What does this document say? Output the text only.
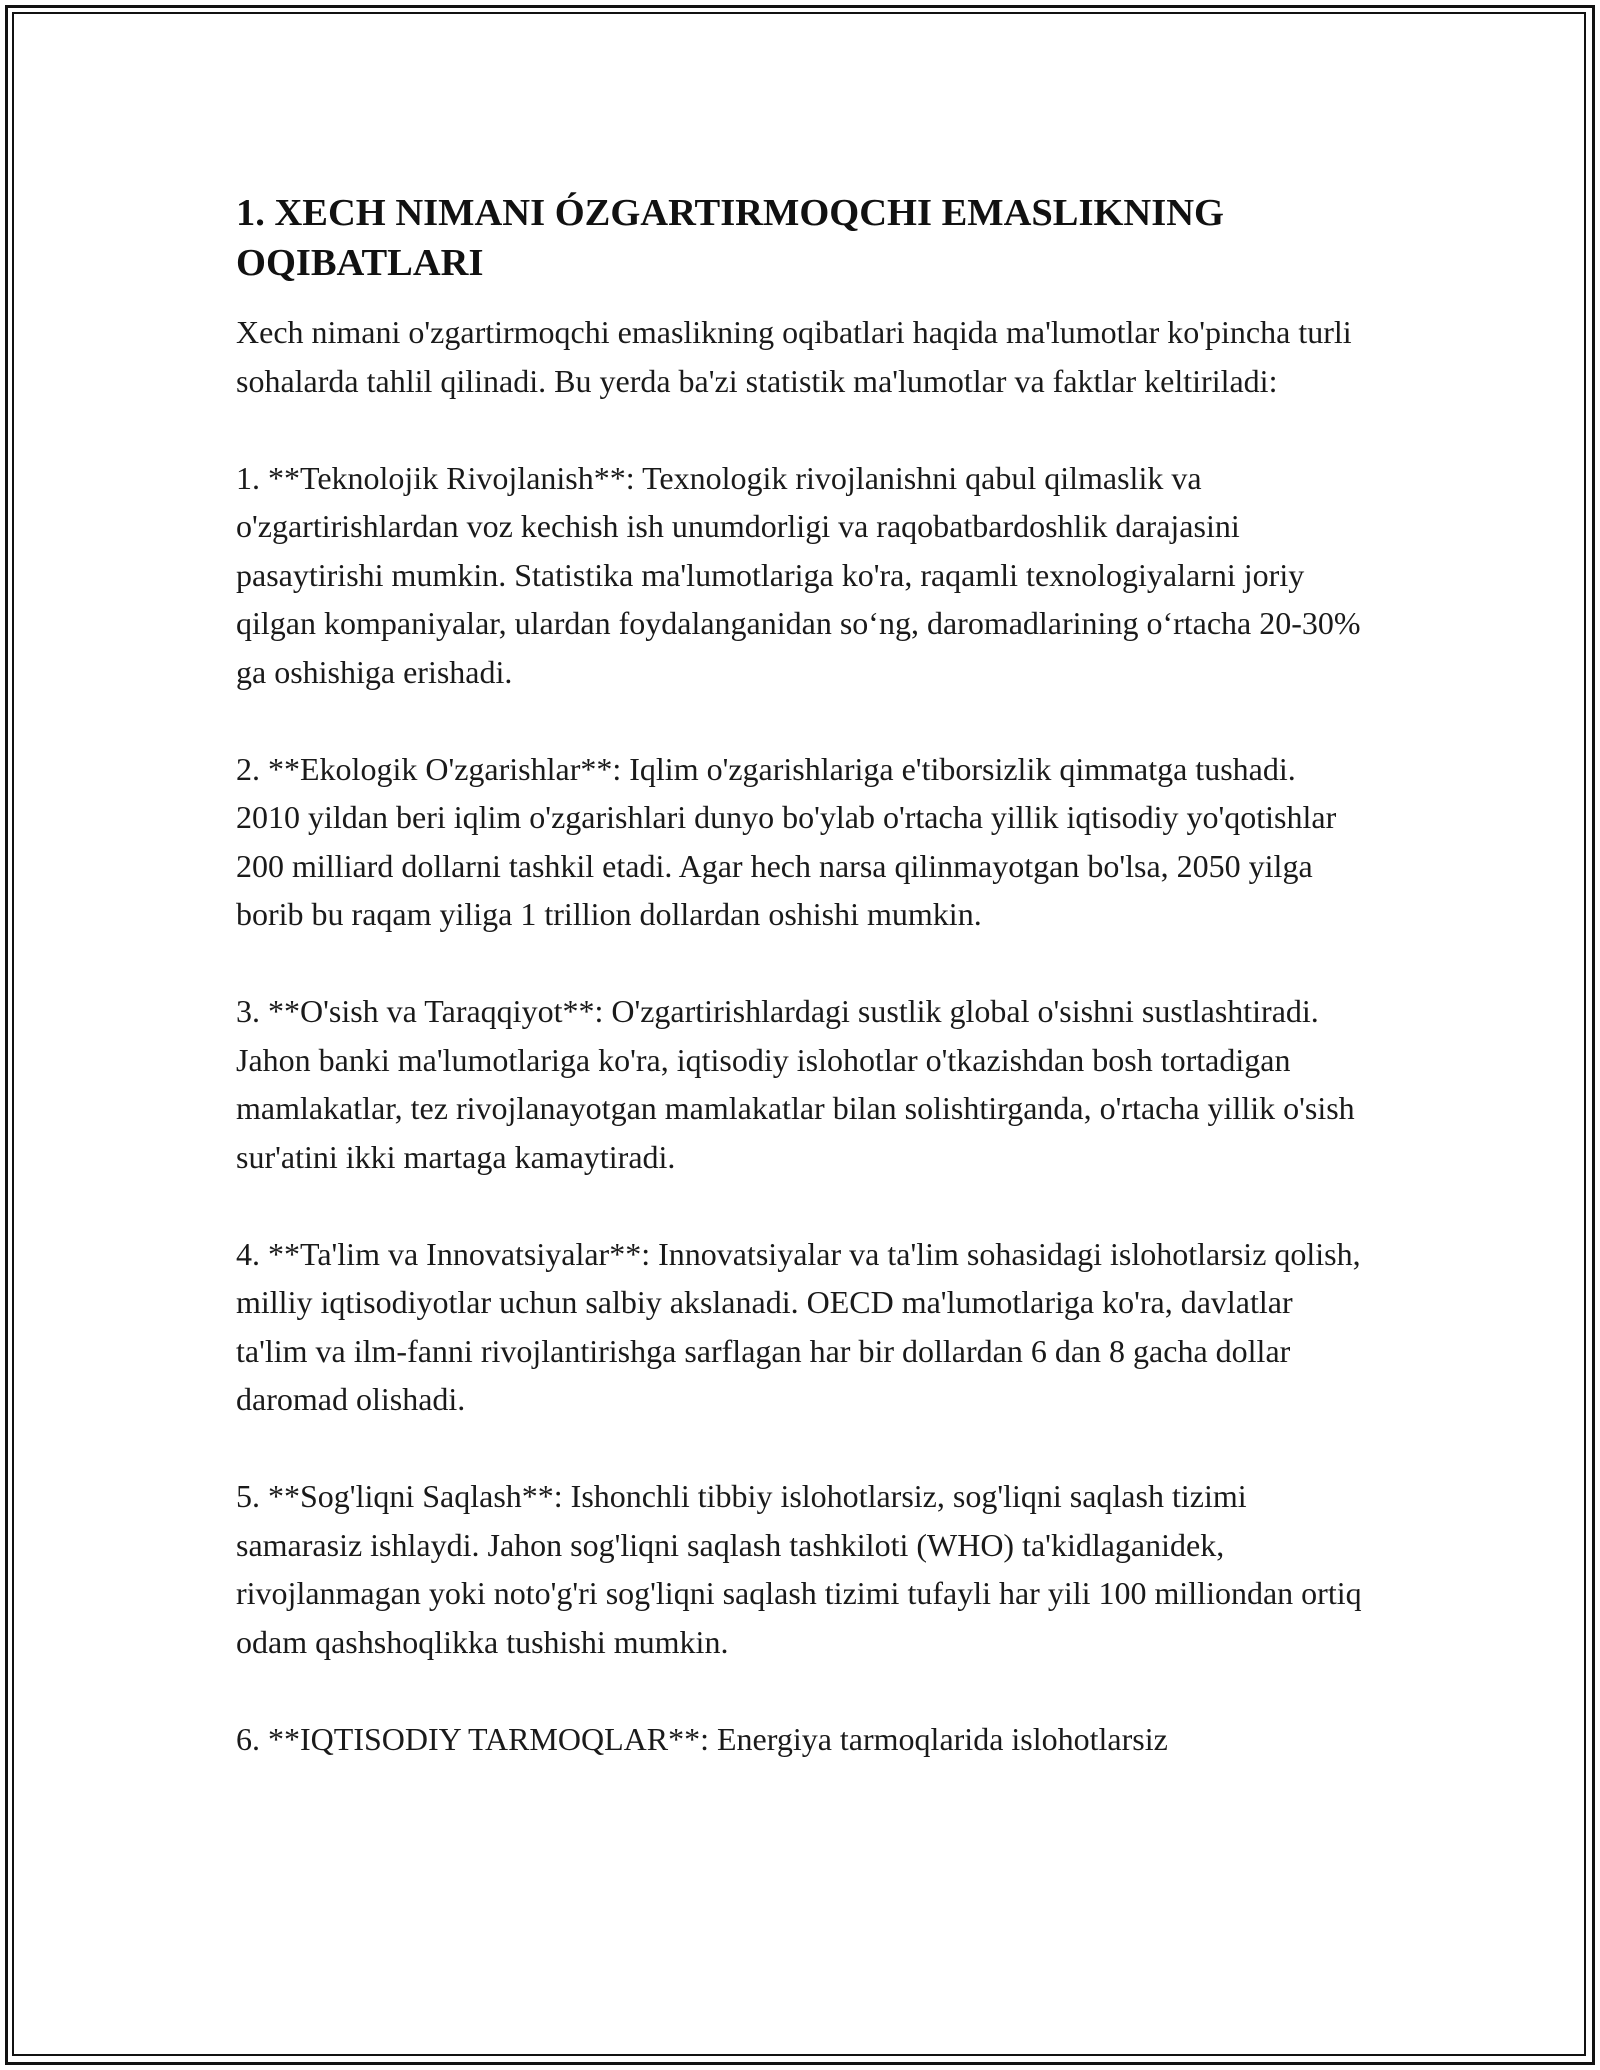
1. XECH NIMANI ÓZGARTIRMOQCHI EMASLIKNING OQIBATLARI

Xech nimani o'zgartirmoqchi emaslikning oqibatlari haqida ma'lumotlar ko'pincha turli sohalarda tahlil qilinadi. Bu yerda ba'zi statistik ma'lumotlar va faktlar keltiriladi:

1. **Teknolojik Rivojlanish**: Texnologik rivojlanishni qabul qilmaslik va o'zgartirishlardan voz kechish ish unumdorligi va raqobatbardoshlik darajasini pasaytirishi mumkin. Statistika ma'lumotlariga ko'ra, raqamli texnologiyalarni joriy qilgan kompaniyalar, ulardan foydalanganidan so‘ng, daromadlarining o‘rtacha 20-30% ga oshishiga erishadi.

2. **Ekologik O'zgarishlar**: Iqlim o'zgarishlariga e'tiborsizlik qimmatga tushadi. 2010 yildan beri iqlim o'zgarishlari dunyo bo'ylab o'rtacha yillik iqtisodiy yo'qotishlar 200 milliard dollarni tashkil etadi. Agar hech narsa qilinmayotgan bo'lsa, 2050 yilga borib bu raqam yiliga 1 trillion dollardan oshishi mumkin.

3. **O'sish va Taraqqiyot**: O'zgartirishlardagi sustlik global o'sishni sustlashtiradi. Jahon banki ma'lumotlariga ko'ra, iqtisodiy islohotlar o'tkazishdan bosh tortadigan mamlakatlar, tez rivojlanayotgan mamlakatlar bilan solishtirganda, o'rtacha yillik o'sish sur'atini ikki martaga kamaytiradi.

4. **Ta'lim va Innovatsiyalar**: Innovatsiyalar va ta'lim sohasidagi islohotlarsiz qolish, milliy iqtisodiyotlar uchun salbiy akslanadi. OECD ma'lumotlariga ko'ra, davlatlar ta'lim va ilm-fanni rivojlantirishga sarflagan har bir dollardan 6 dan 8 gacha dollar daromad olishadi.

5. **Sog'liqni Saqlash**: Ishonchli tibbiy islohotlarsiz, sog'liqni saqlash tizimi samarasiz ishlaydi. Jahon sog'liqni saqlash tashkiloti (WHO) ta'kidlaganidek, rivojlanmagan yoki noto'g'ri sog'liqni saqlash tizimi tufayli har yili 100 milliondan ortiq odam qashshoqlikka tushishi mumkin.

6. **IQTISODIY TARMOQLAR**: Energiya tarmoqlarida islohotlarsiz
